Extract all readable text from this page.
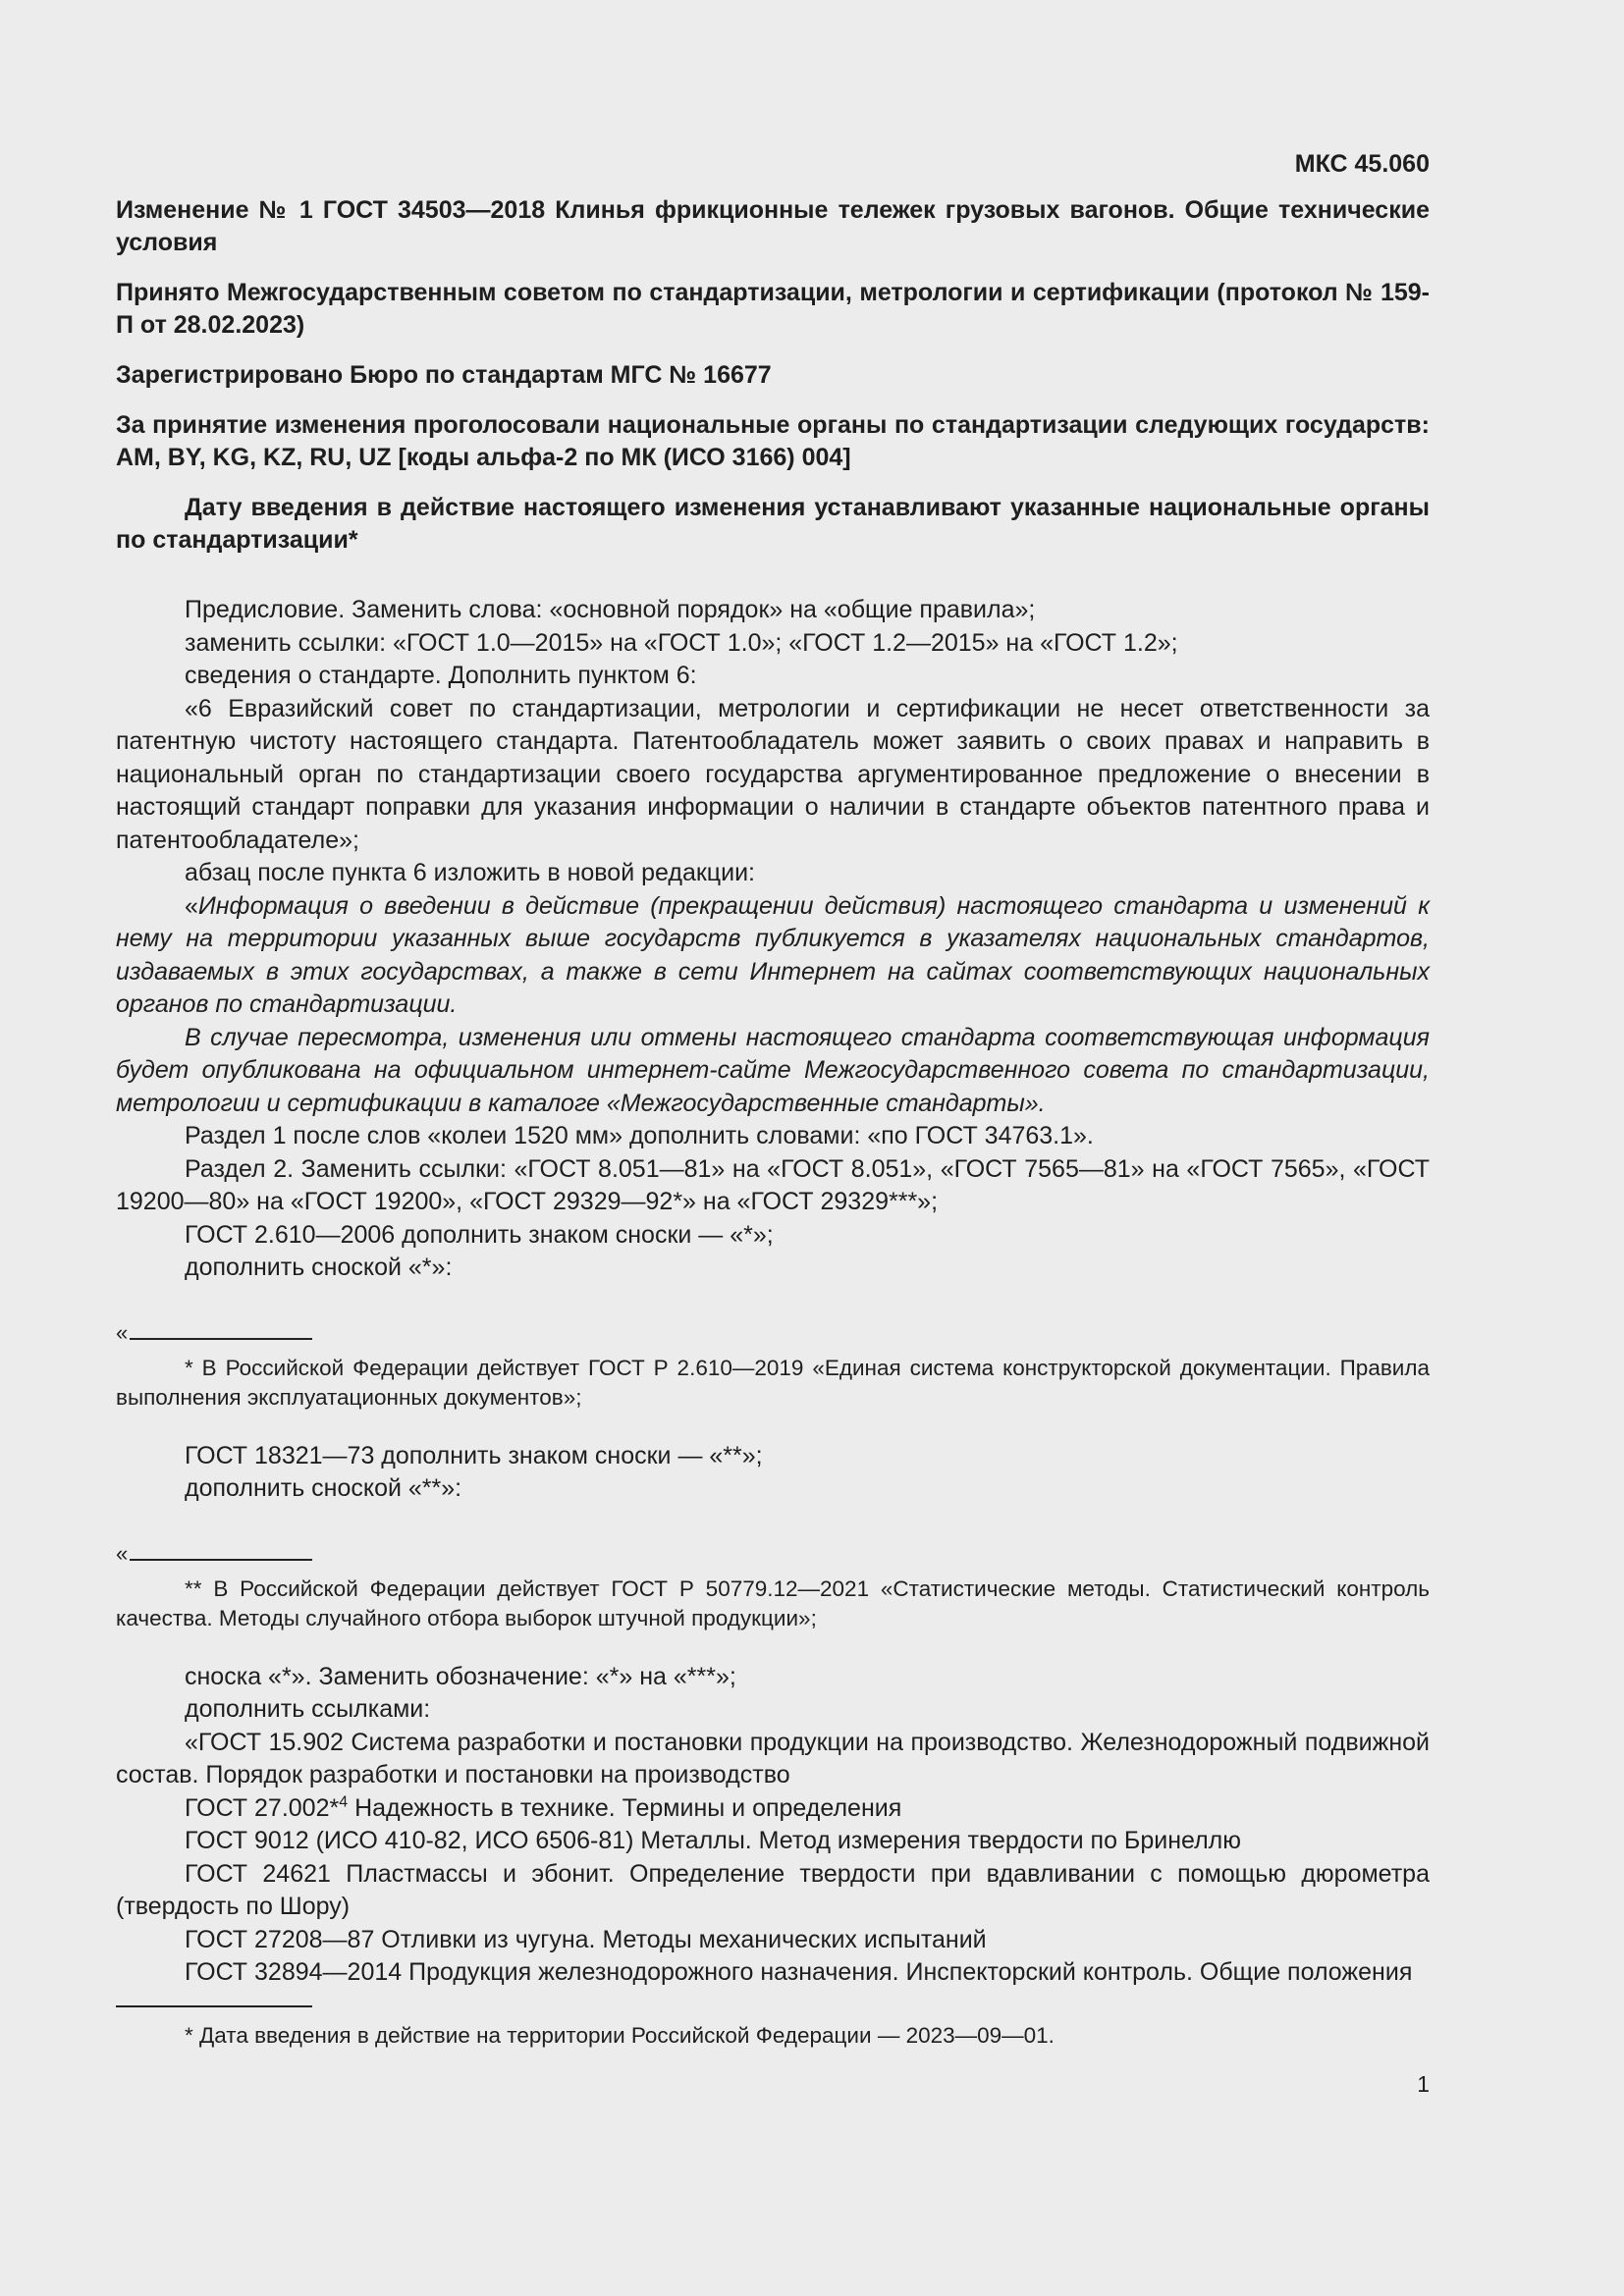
МКС 45.060
Изменение № 1 ГОСТ 34503—2018 Клинья фрикционные тележек грузовых вагонов. Общие технические условия
Принято Межгосударственным советом по стандартизации, метрологии и сертификации (протокол № 159-П от 28.02.2023)
Зарегистрировано Бюро по стандартам МГС № 16677
За принятие изменения проголосовали национальные органы по стандартизации следующих государств: AM, BY, KG, KZ, RU, UZ [коды альфа-2 по МК (ИСО 3166) 004]
Дату введения в действие настоящего изменения устанавливают указанные национальные органы по стандартизации*

Предисловие. Заменить слова: «основной порядок» на «общие правила»;

заменить ссылки: «ГОСТ 1.0—2015» на «ГОСТ 1.0»; «ГОСТ 1.2—2015» на «ГОСТ 1.2»;

сведения о стандарте. Дополнить пунктом 6:

«6 Евразийский совет по стандартизации, метрологии и сертификации не несет ответственности за патентную чистоту настоящего стандарта. Патентообладатель может заявить о своих правах и направить в национальный орган по стандартизации своего государства аргументированное предложение о внесении в настоящий стандарт поправки для указания информации о наличии в стандарте объектов патентного права и патентообладателе»;

абзац после пункта 6 изложить в новой редакции:

«Информация о введении в действие (прекращении действия) настоящего стандарта и изменений к нему на территории указанных выше государств публикуется в указателях национальных стандартов, издаваемых в этих государствах, а также в сети Интернет на сайтах соответствующих национальных органов по стандартизации.

В случае пересмотра, изменения или отмены настоящего стандарта соответствующая информация будет опубликована на официальном интернет-сайте Межгосударственного совета по стандартизации, метрологии и сертификации в каталоге «Межгосударственные стандарты».

Раздел 1 после слов «колеи 1520 мм» дополнить словами: «по ГОСТ 34763.1».

Раздел 2. Заменить ссылки: «ГОСТ 8.051—81» на «ГОСТ 8.051», «ГОСТ 7565—81» на «ГОСТ 7565», «ГОСТ 19200—80» на «ГОСТ 19200», «ГОСТ 29329—92*» на «ГОСТ 29329***»;

ГОСТ 2.610—2006 дополнить знаком сноски — «*»;

дополнить сноской «*»:

«

* В Российской Федерации действует ГОСТ Р 2.610—2019 «Единая система конструкторской документации. Правила выполнения эксплуатационных документов»;

ГОСТ 18321—73 дополнить знаком сноски — «**»;

дополнить сноской «**»:

«

** В Российской Федерации действует ГОСТ Р 50779.12—2021 «Статистические методы. Статистический контроль качества. Методы случайного отбора выборок штучной продукции»;

сноска «*». Заменить обозначение: «*» на «***»;

дополнить ссылками:

«ГОСТ 15.902 Система разработки и постановки продукции на производство. Железнодорожный подвижной состав. Порядок разработки и постановки на производство

ГОСТ 27.002*$^4$ Надежность в технике. Термины и определения

ГОСТ 9012 (ИСО 410-82, ИСО 6506-81) Металлы. Метод измерения твердости по Бринеллю

ГОСТ 24621 Пластмассы и эбонит. Определение твердости при вдавливании с помощью дюрометра (твердость по Шору)

ГОСТ 27208—87 Отливки из чугуна. Методы механических испытаний

ГОСТ 32894—2014 Продукция железнодорожного назначения. Инспекторский контроль. Общие положения

* Дата введения в действие на территории Российской Федерации — 2023—09—01.

1
